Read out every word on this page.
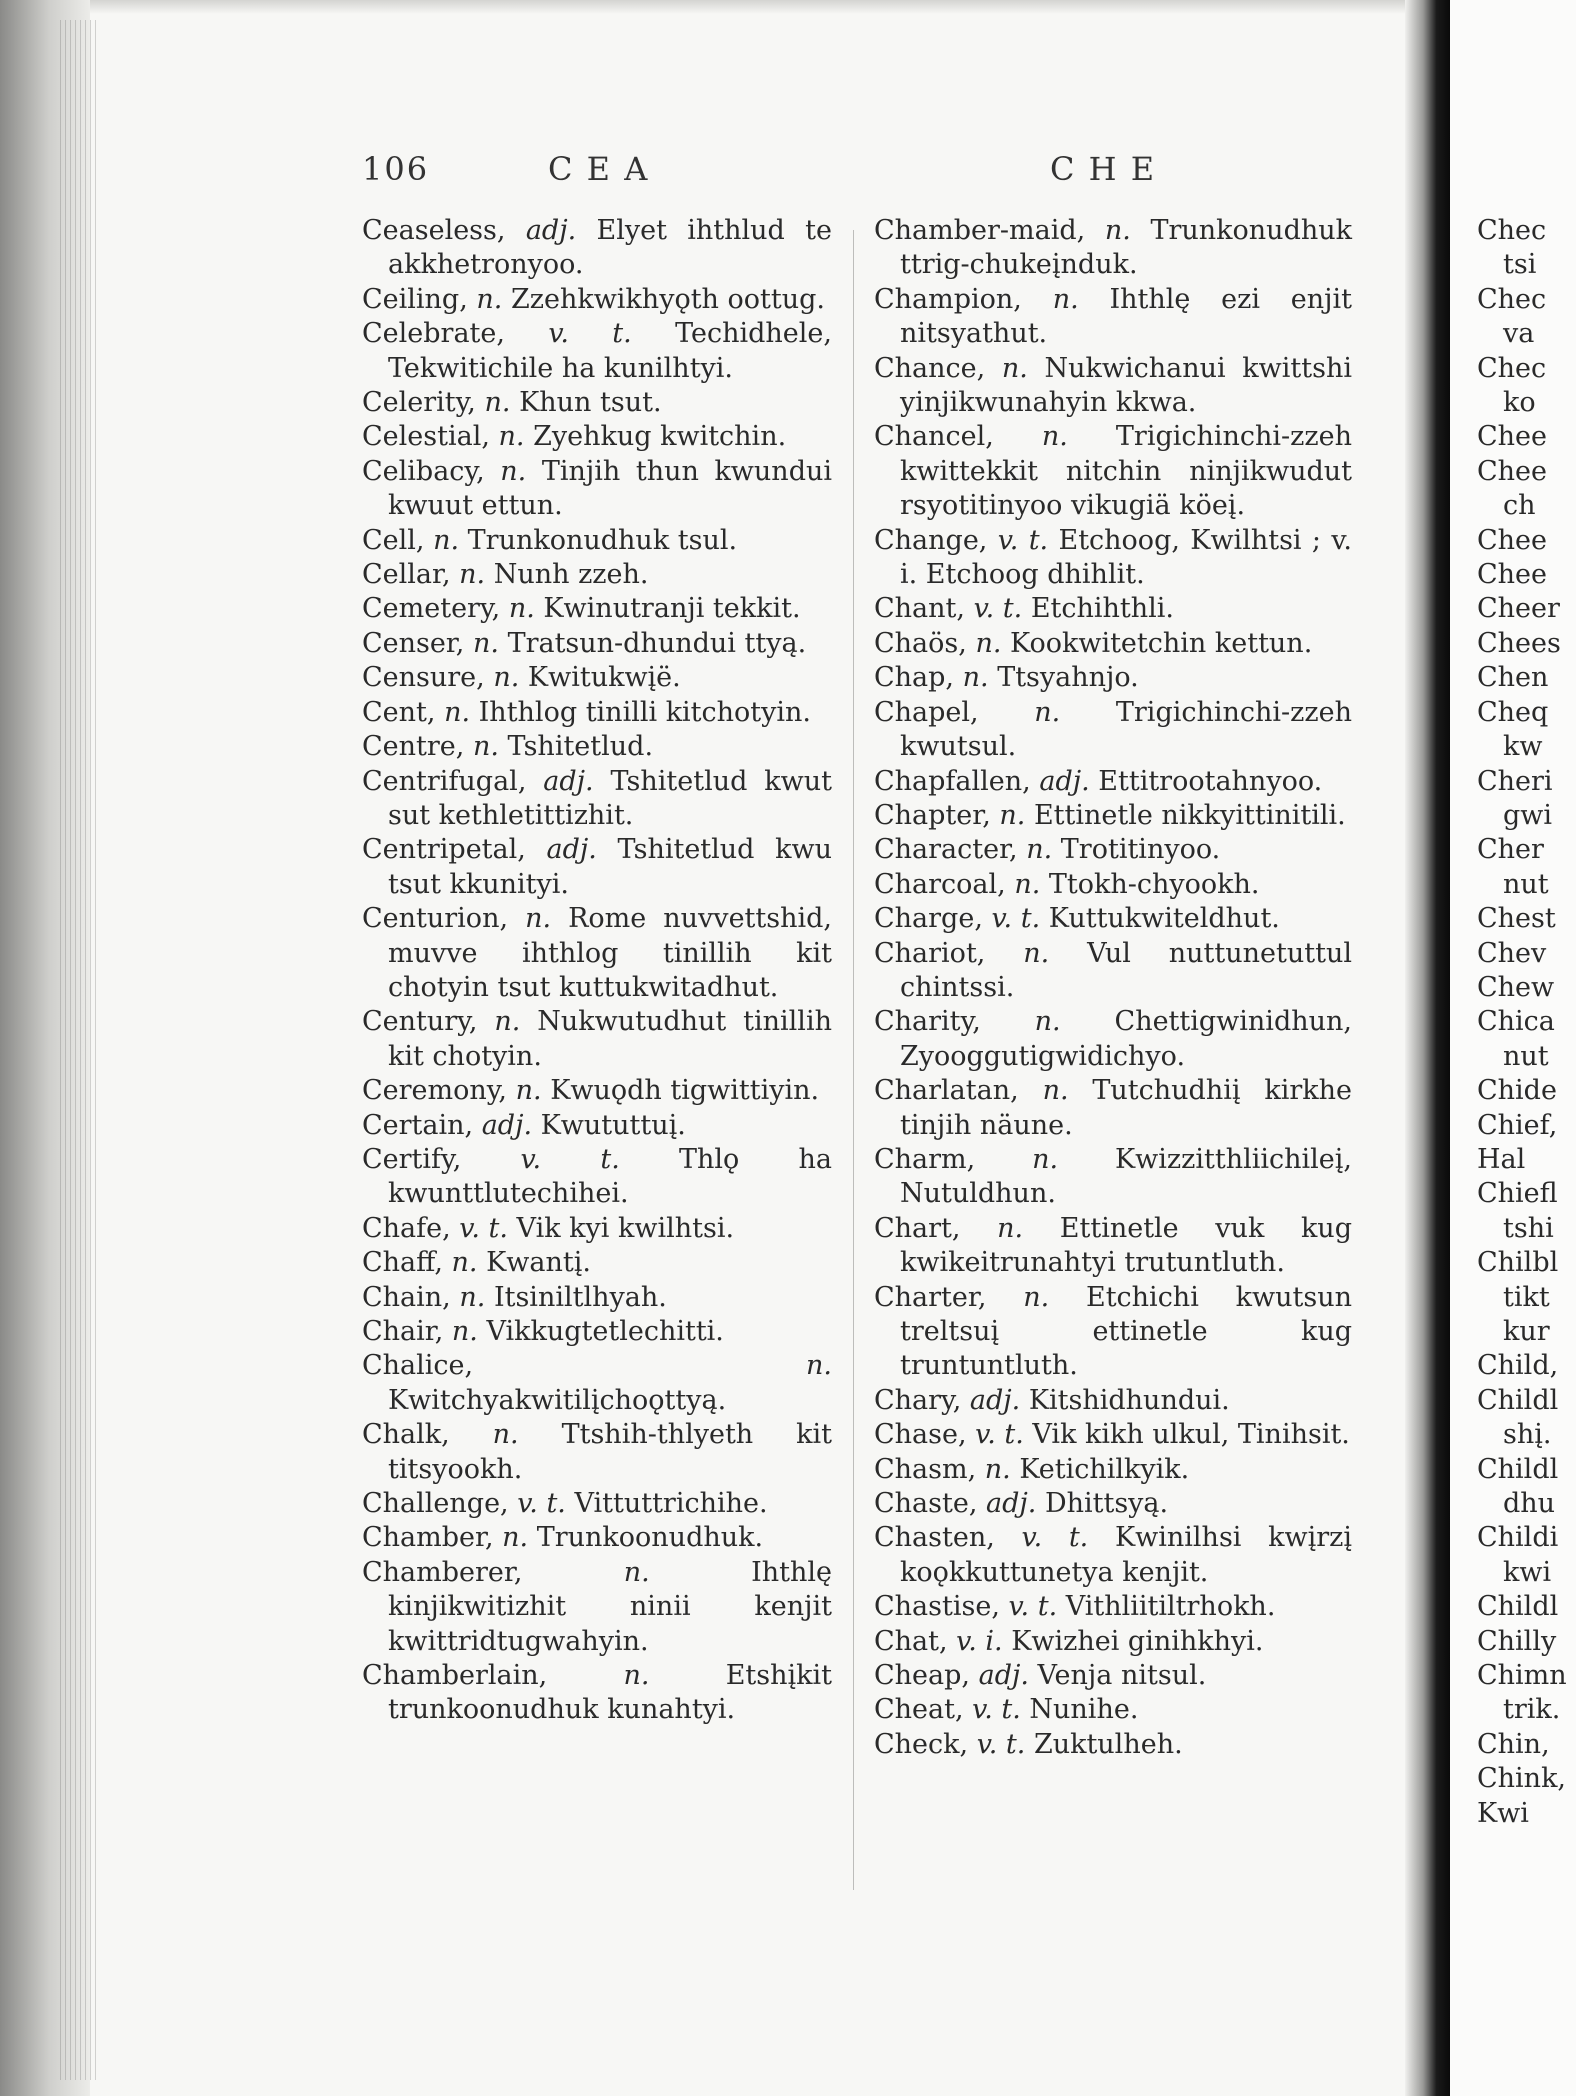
106	C E A	C H E

Ceaseless, adj. Elyet ihthlud te akkhetronyoo.

Ceiling, n. Zzehkwikhyǫth oottug.

Celebrate, v. t. Techidhele, Tekwitichile ha kunilhtyi.

Celerity, n. Khun tsut.

Celestial, n. Zyehkug kwitchin.

Celibacy, n. Tinjih thun kwundui kwuut ettun.

Cell, n. Trunkonudhuk tsul.

Cellar, n. Nunh zzeh.

Cemetery, n. Kwinutranji tekkit.

Censer, n. Tratsun-dhundui ttyą.

Censure, n. Kwitukwįë.

Cent, n. Ihthlog tinilli kitchotyin.

Centre, n. Tshitetlud.

Centrifugal, adj. Tshitetlud kwut sut kethletittizhit.

Centripetal, adj. Tshitetlud kwu tsut kkunityi.

Centurion, n. Rome nuvvettshid, muvve ihthlog tinillih kit chotyin tsut kuttukwitadhut.

Century, n. Nukwutudhut tinillih kit chotyin.

Ceremony, n. Kwuǫdh tigwittiyin.

Certain, adj. Kwututtuį.

Certify, v. t. Thlǫ ha kwunttlutechihei.

Chafe, v. t. Vik kyi kwilhtsi.

Chaff, n. Kwantį.

Chain, n. Itsiniltlhyah.

Chair, n. Vikkugtetlechitti.

Chalice,	n. Kwitchyakwitilįchoǫttyą.

Chalk, n. Ttshih-thlyeth kit titsyookh.

Challenge, v. t. Vittuttrichihe.

Chamber, n. Trunkoonudhuk.

Chamberer,	n.	Ihthlę kinjikwitizhit ninii kenjit kwittridtugwahyin.

Chamberlain,	n.	Etshįkit trunkoonudhuk kunahtyi.

Chamber-maid, n. Trunkonudhuk ttrig-chukeįnduk.

Champion, n. Ihthlę ezi enjit nitsyathut.

Chance, n. Nukwichanui kwittshi yinjikwunahyin kkwa.

Chancel, n. Trigichinchi-zzeh kwittekkit nitchin ninjikwudut rsyotitinyoo vikugiä köeį.

Change, v. t. Etchoog, Kwilhtsi ; v. i. Etchoog dhihlit.

Chant, v. t. Etchihthli.

Chaös, n. Kookwitetchin kettun.

Chap, n. Ttsyahnjo.

Chapel, n. Trigichinchi-zzeh kwutsul.

Chapfallen, adj. Ettitrootahnyoo.

Chapter, n. Ettinetle nikkyittinitili.

Character, n. Trotitinyoo.

Charcoal, n. Ttokh-chyookh.

Charge, v. t. Kuttukwiteldhut.

Chariot, n. Vul nuttunetuttul chintssi.

Charity, n. Chettigwinidhun, Zyooggutigwidichyo.

Charlatan, n. Tutchudhiį kirkhe tinjih näune.

Charm, n. Kwizzitthliichileį, Nutuldhun.

Chart, n. Ettinetle vuk kug kwikeitrunahtyi trutuntluth.

Charter, n. Etchichi kwutsun treltsuį ettinetle kug truntuntluth.

Chary, adj. Kitshidhundui.

Chase, v. t. Vik kikh ulkul, Tinihsit.

Chasm, n. Ketichilkyik.

Chaste, adj. Dhittsyą.

Chasten, v. t. Kwinilhsi kwįrzį koǫkkuttunetya kenjit.

Chastise, v. t. Vithliitiltrhokh.

Chat, v. i. Kwizhei ginihkhyi.

Cheap, adj. Venja nitsul.

Cheat, v. t. Nunihe.

Check, v. t. Zuktulheh.

Chec
tsi
Chec
va
Chec
ko
Chee
Chee
ch
Chee
Chee
Cheer
Chees
Chen
Cheq
kw
Cheri
gwi
Cher
nut
Chest
Chev
Chew
Chica
nut
Chide
Chief,
Hal
Chiefl
tshi
Chilbl
tikt
kur
Child,
Childl
shį.
Childl
dhu
Childi
kwi
Childl
Chilly
Chimn
trik.
Chin,
Chink,
Kwi
